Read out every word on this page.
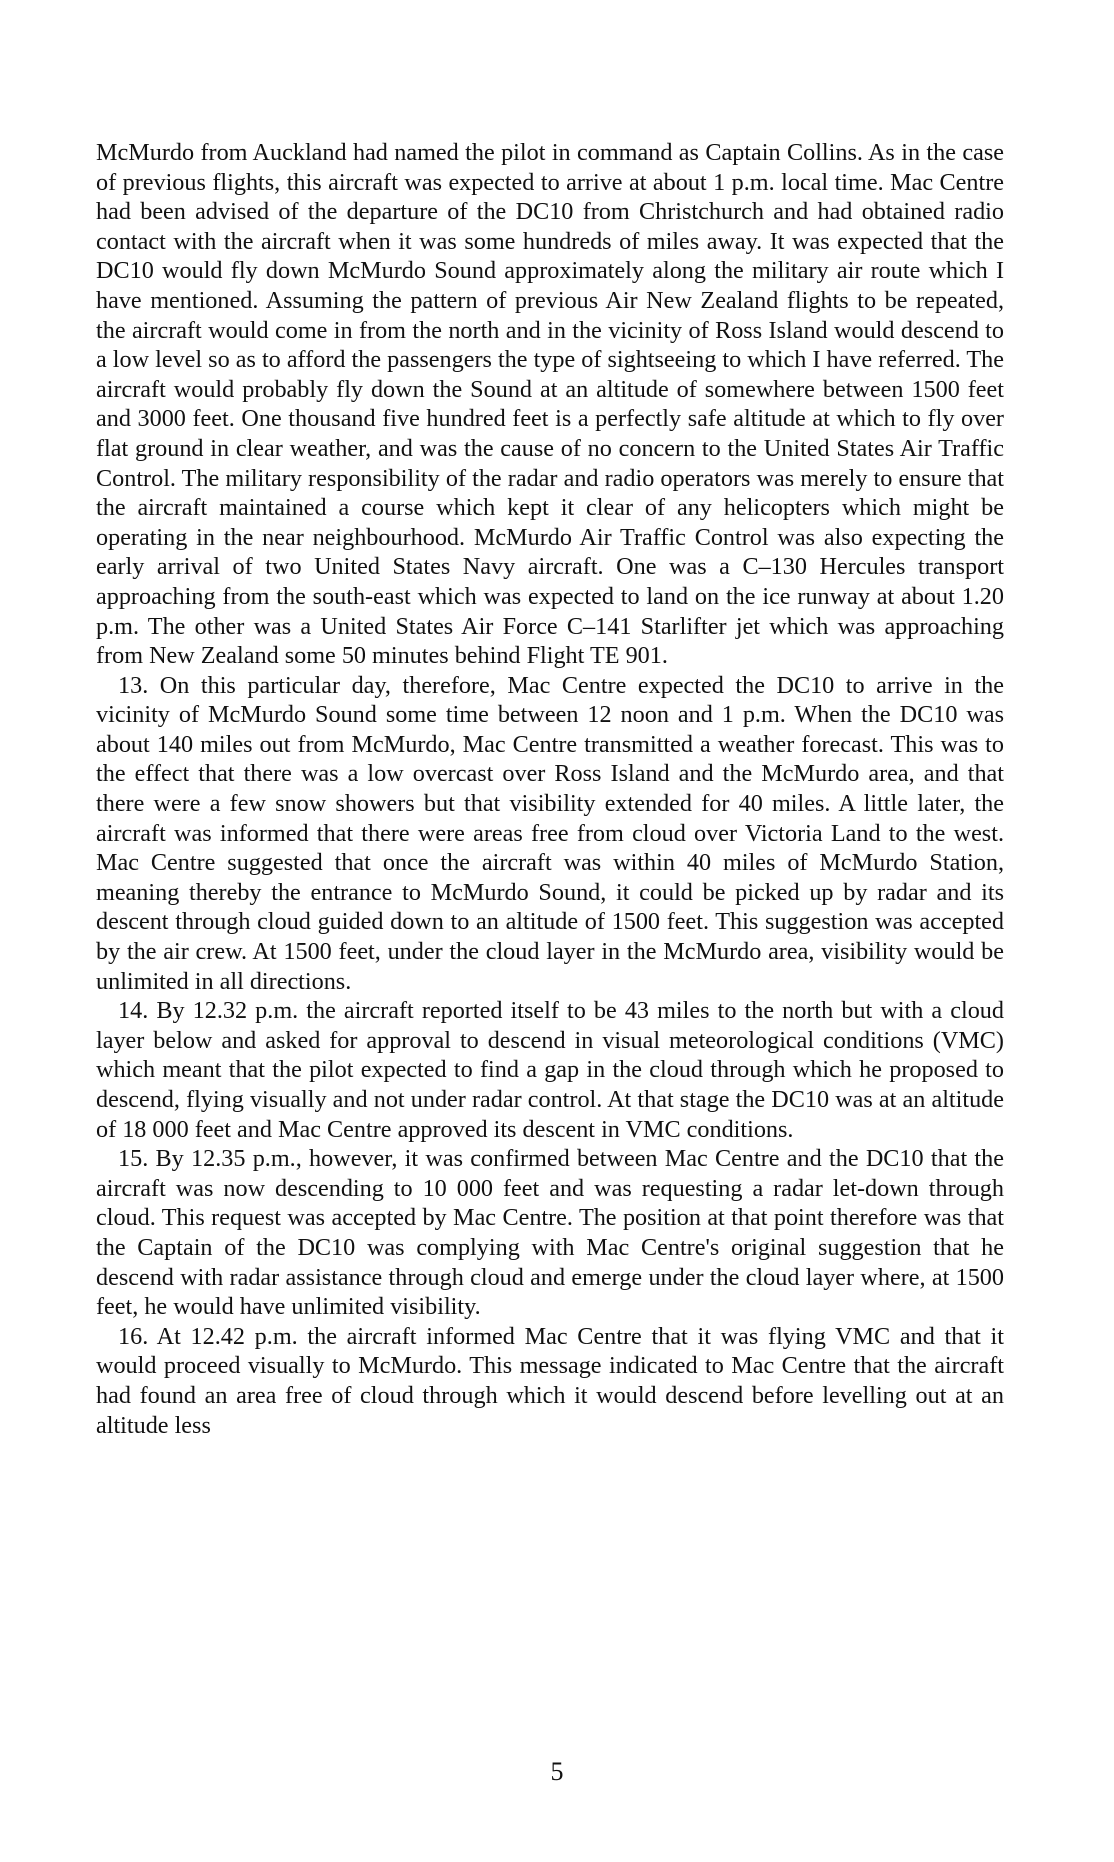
McMurdo from Auckland had named the pilot in command as Captain Collins. As in the case of previous flights, this aircraft was expected to arrive at about 1 p.m. local time. Mac Centre had been advised of the departure of the DC10 from Christchurch and had obtained radio contact with the aircraft when it was some hundreds of miles away. It was expected that the DC10 would fly down McMurdo Sound approximately along the military air route which I have mentioned. Assuming the pattern of previous Air New Zealand flights to be repeated, the aircraft would come in from the north and in the vicinity of Ross Island would descend to a low level so as to afford the passengers the type of sightseeing to which I have referred. The aircraft would probably fly down the Sound at an altitude of somewhere between 1500 feet and 3000 feet. One thousand five hundred feet is a perfectly safe altitude at which to fly over flat ground in clear weather, and was the cause of no concern to the United States Air Traffic Control. The military responsibility of the radar and radio operators was merely to ensure that the aircraft maintained a course which kept it clear of any helicopters which might be operating in the near neighbourhood. McMurdo Air Traffic Control was also expecting the early arrival of two United States Navy aircraft. One was a C–130 Hercules transport approaching from the south-east which was expected to land on the ice runway at about 1.20 p.m. The other was a United States Air Force C–141 Starlifter jet which was approaching from New Zealand some 50 minutes behind Flight TE 901.

13. On this particular day, therefore, Mac Centre expected the DC10 to arrive in the vicinity of McMurdo Sound some time between 12 noon and 1 p.m. When the DC10 was about 140 miles out from McMurdo, Mac Centre transmitted a weather forecast. This was to the effect that there was a low overcast over Ross Island and the McMurdo area, and that there were a few snow showers but that visibility extended for 40 miles. A little later, the aircraft was informed that there were areas free from cloud over Victoria Land to the west. Mac Centre suggested that once the aircraft was within 40 miles of McMurdo Station, meaning thereby the entrance to McMurdo Sound, it could be picked up by radar and its descent through cloud guided down to an altitude of 1500 feet. This suggestion was accepted by the air crew. At 1500 feet, under the cloud layer in the McMurdo area, visibility would be unlimited in all directions.

14. By 12.32 p.m. the aircraft reported itself to be 43 miles to the north but with a cloud layer below and asked for approval to descend in visual meteorological conditions (VMC) which meant that the pilot expected to find a gap in the cloud through which he proposed to descend, flying visually and not under radar control. At that stage the DC10 was at an altitude of 18 000 feet and Mac Centre approved its descent in VMC conditions.

15. By 12.35 p.m., however, it was confirmed between Mac Centre and the DC10 that the aircraft was now descending to 10 000 feet and was requesting a radar let-down through cloud. This request was accepted by Mac Centre. The position at that point therefore was that the Captain of the DC10 was complying with Mac Centre's original suggestion that he descend with radar assistance through cloud and emerge under the cloud layer where, at 1500 feet, he would have unlimited visibility.

16. At 12.42 p.m. the aircraft informed Mac Centre that it was flying VMC and that it would proceed visually to McMurdo. This message indicated to Mac Centre that the aircraft had found an area free of cloud through which it would descend before levelling out at an altitude less

5
